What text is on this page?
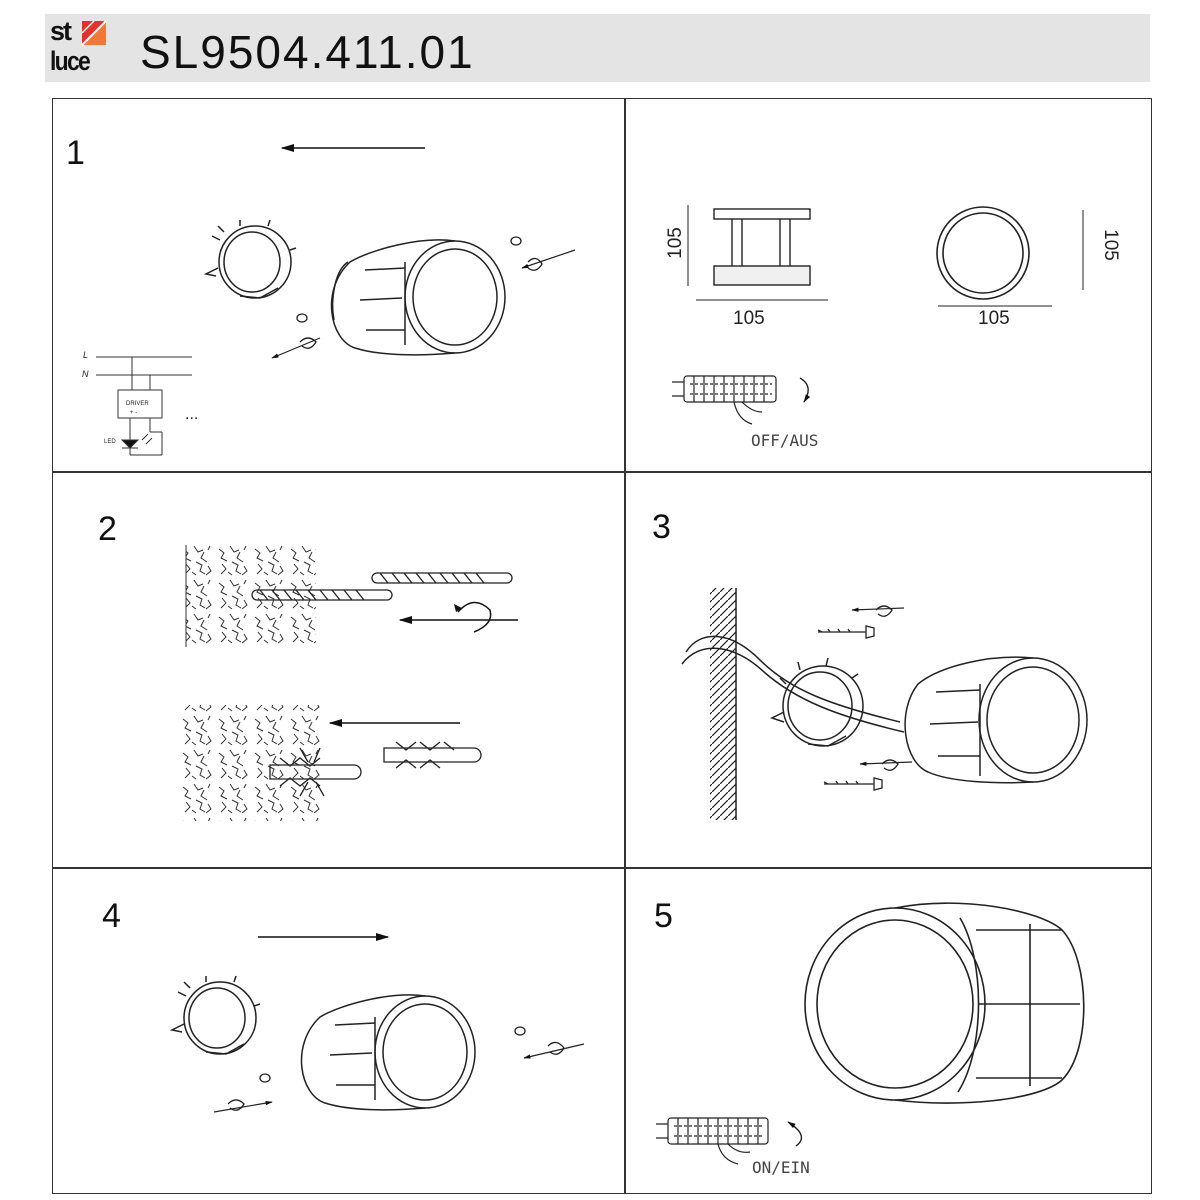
st
luce SL9504.411.01
1
2	3
4	5
105
105	105
105
OFF/AUS
ON/EIN
L
N
DRIVER
+ -
LED
...
